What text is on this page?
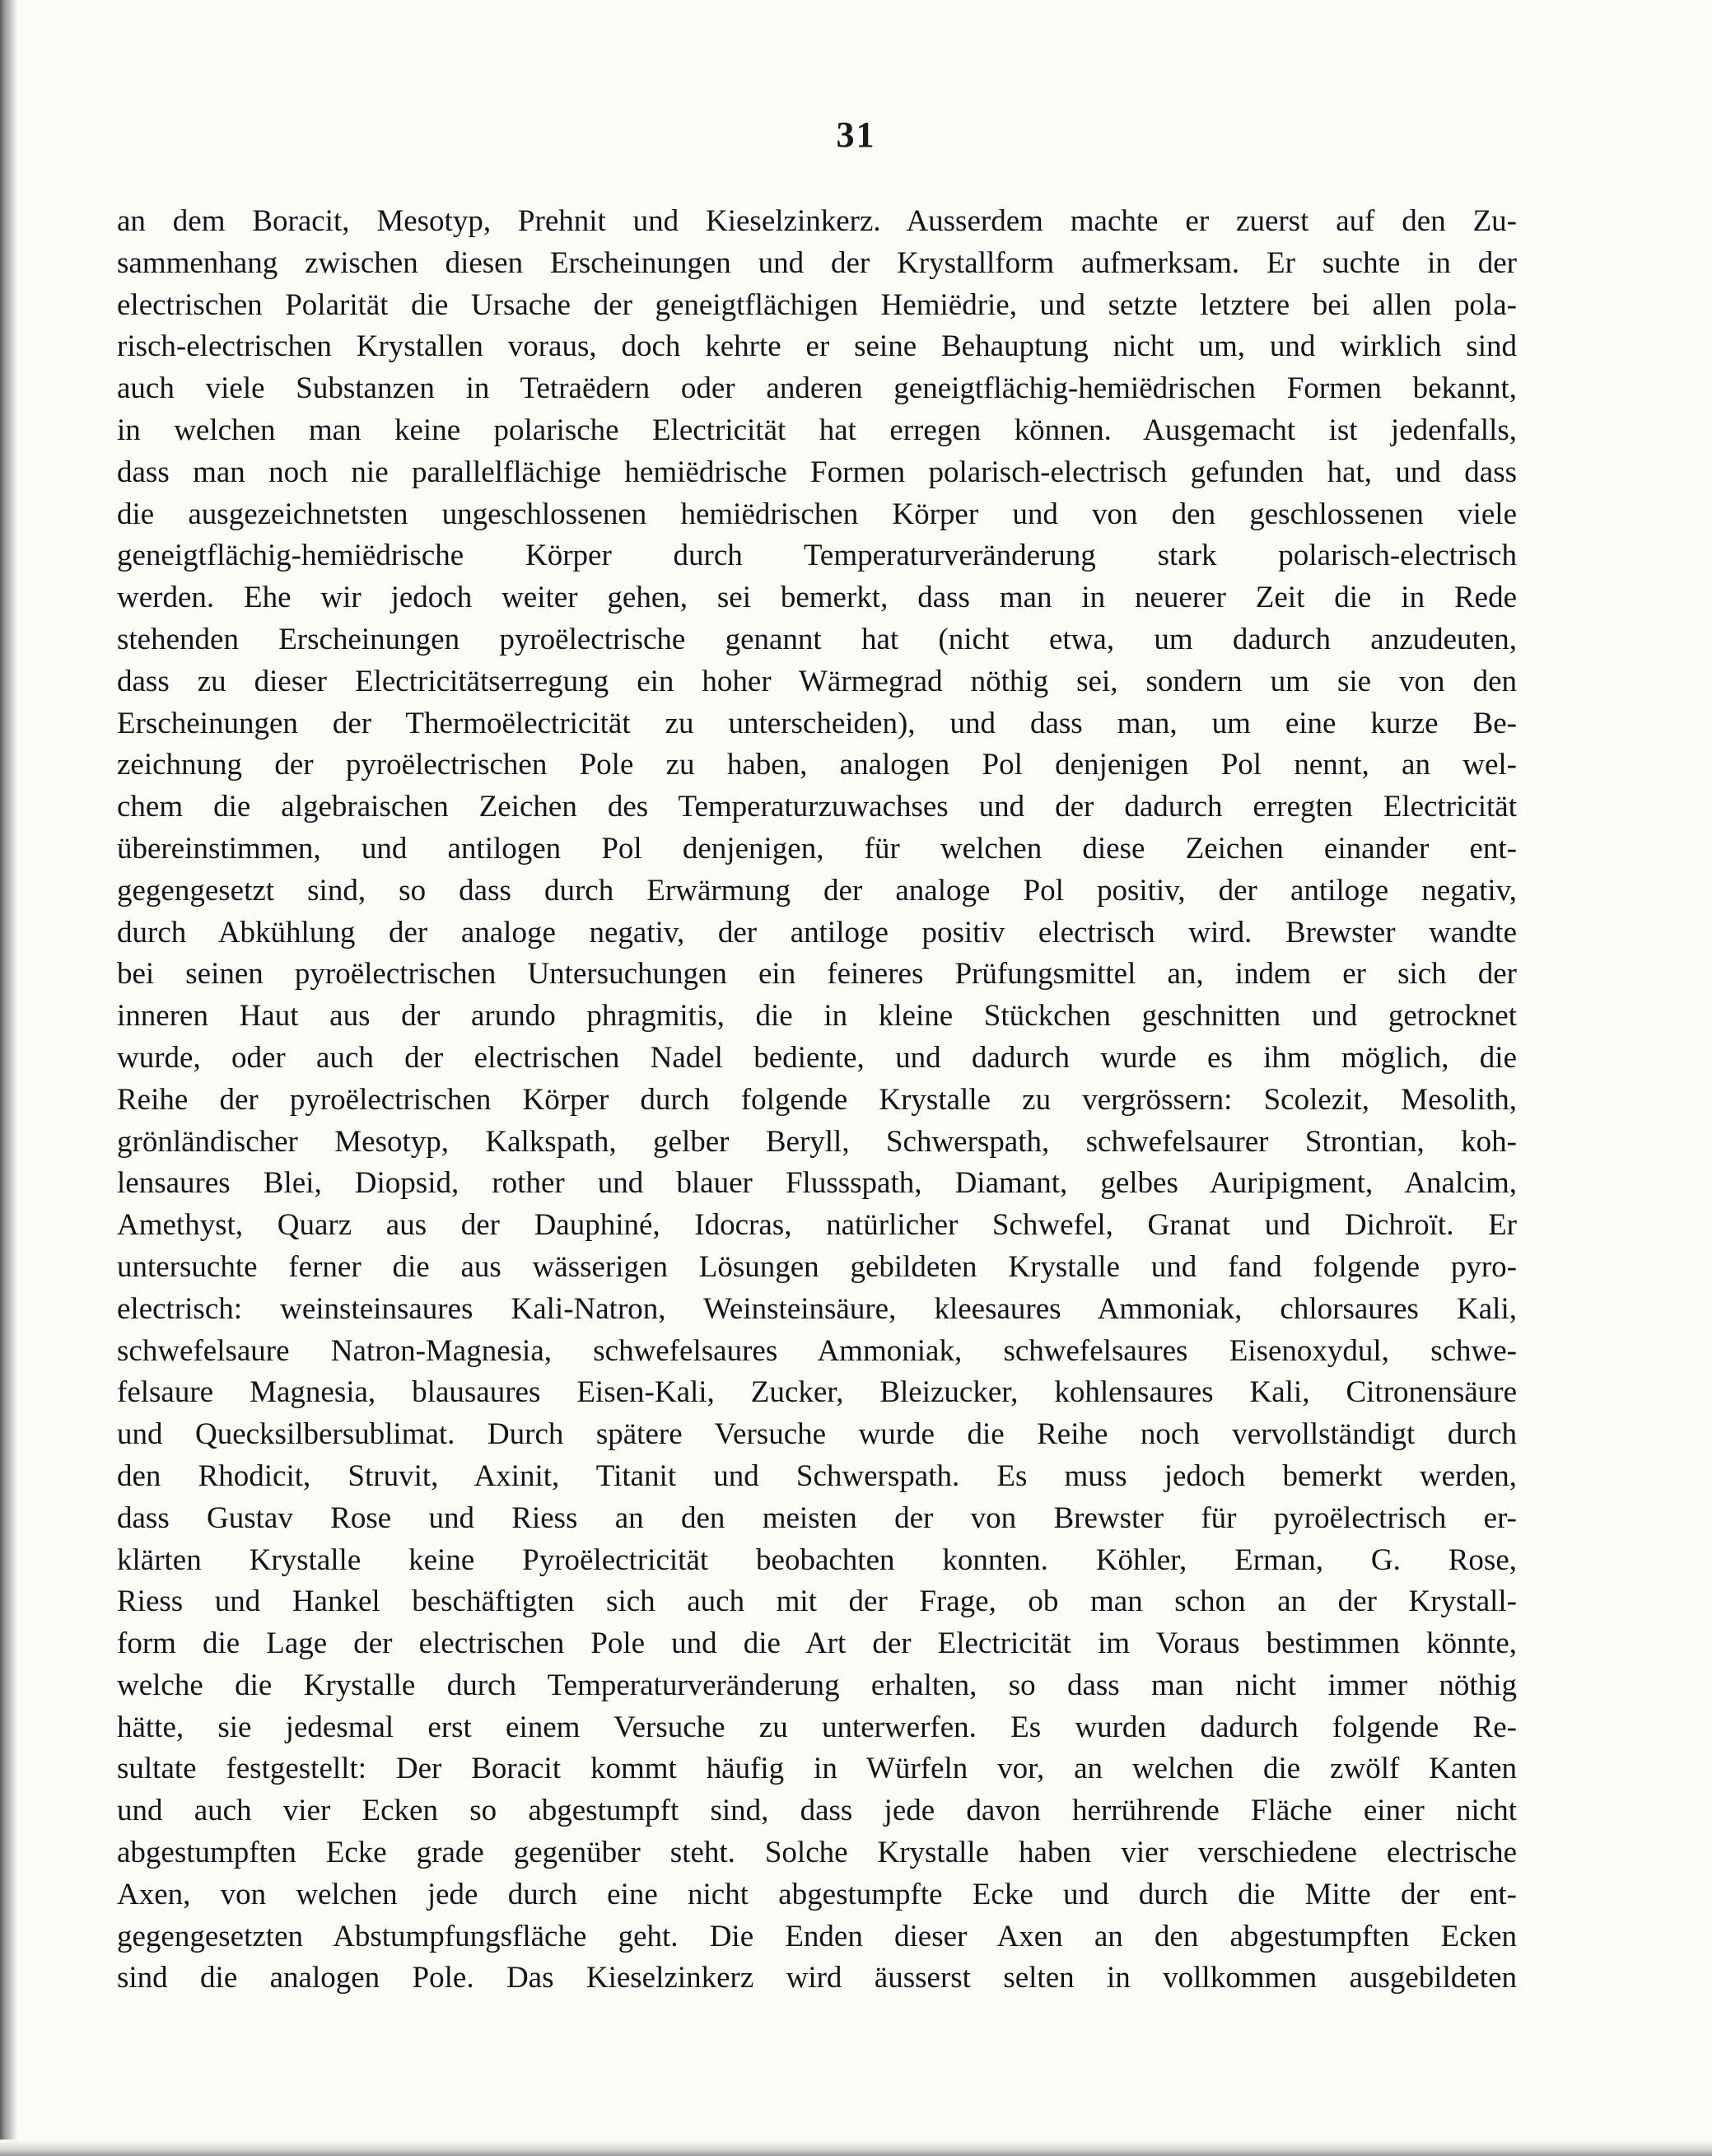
31
an dem Boracit, Mesotyp, Prehnit und Kieselzinkerz. Ausserdem machte er zuerst auf den Zu-
sammenhang zwischen diesen Erscheinungen und der Krystallform aufmerksam. Er suchte in der
electrischen Polarität die Ursache der geneigtflächigen Hemiëdrie, und setzte letztere bei allen pola-
risch-electrischen Krystallen voraus, doch kehrte er seine Behauptung nicht um, und wirklich sind
auch viele Substanzen in Tetraëdern oder anderen geneigtflächig-hemiëdrischen Formen bekannt,
in welchen man keine polarische Electricität hat erregen können. Ausgemacht ist jedenfalls,
dass man noch nie parallelflächige hemiëdrische Formen polarisch-electrisch gefunden hat, und dass
die ausgezeichnetsten ungeschlossenen hemiëdrischen Körper und von den geschlossenen viele
geneigtflächig-hemiëdrische Körper durch Temperaturveränderung stark polarisch-electrisch
werden. Ehe wir jedoch weiter gehen, sei bemerkt, dass man in neuerer Zeit die in Rede
stehenden Erscheinungen pyroëlectrische genannt hat (nicht etwa, um dadurch anzudeuten,
dass zu dieser Electricitätserregung ein hoher Wärmegrad nöthig sei, sondern um sie von den
Erscheinungen der Thermoëlectricität zu unterscheiden), und dass man, um eine kurze Be-
zeichnung der pyroëlectrischen Pole zu haben, analogen Pol denjenigen Pol nennt, an wel-
chem die algebraischen Zeichen des Temperaturzuwachses und der dadurch erregten Electricität
übereinstimmen, und antilogen Pol denjenigen, für welchen diese Zeichen einander ent-
gegengesetzt sind, so dass durch Erwärmung der analoge Pol positiv, der antiloge negativ,
durch Abkühlung der analoge negativ, der antiloge positiv electrisch wird. Brewster wandte
bei seinen pyroëlectrischen Untersuchungen ein feineres Prüfungsmittel an, indem er sich der
inneren Haut aus der arundo phragmitis, die in kleine Stückchen geschnitten und getrocknet
wurde, oder auch der electrischen Nadel bediente, und dadurch wurde es ihm möglich, die
Reihe der pyroëlectrischen Körper durch folgende Krystalle zu vergrössern: Scolezit, Mesolith,
grönländischer Mesotyp, Kalkspath, gelber Beryll, Schwerspath, schwefelsaurer Strontian, koh-
lensaures Blei, Diopsid, rother und blauer Flussspath, Diamant, gelbes Auripigment, Analcim,
Amethyst, Quarz aus der Dauphiné, Idocras, natürlicher Schwefel, Granat und Dichroït. Er
untersuchte ferner die aus wässerigen Lösungen gebildeten Krystalle und fand folgende pyro-
electrisch: weinsteinsaures Kali-Natron, Weinsteinsäure, kleesaures Ammoniak, chlorsaures Kali,
schwefelsaure Natron-Magnesia, schwefelsaures Ammoniak, schwefelsaures Eisenoxydul, schwe-
felsaure Magnesia, blausaures Eisen-Kali, Zucker, Bleizucker, kohlensaures Kali, Citronensäure
und Quecksilbersublimat. Durch spätere Versuche wurde die Reihe noch vervollständigt durch
den Rhodicit, Struvit, Axinit, Titanit und Schwerspath. Es muss jedoch bemerkt werden,
dass Gustav Rose und Riess an den meisten der von Brewster für pyroëlectrisch er-
klärten Krystalle keine Pyroëlectricität beobachten konnten. Köhler, Erman, G. Rose,
Riess und Hankel beschäftigten sich auch mit der Frage, ob man schon an der Krystall-
form die Lage der electrischen Pole und die Art der Electricität im Voraus bestimmen könnte,
welche die Krystalle durch Temperaturveränderung erhalten, so dass man nicht immer nöthig
hätte, sie jedesmal erst einem Versuche zu unterwerfen. Es wurden dadurch folgende Re-
sultate festgestellt: Der Boracit kommt häufig in Würfeln vor, an welchen die zwölf Kanten
und auch vier Ecken so abgestumpft sind, dass jede davon herrührende Fläche einer nicht
abgestumpften Ecke grade gegenüber steht. Solche Krystalle haben vier verschiedene electrische
Axen, von welchen jede durch eine nicht abgestumpfte Ecke und durch die Mitte der ent-
gegengesetzten Abstumpfungsfläche geht. Die Enden dieser Axen an den abgestumpften Ecken
sind die analogen Pole. Das Kieselzinkerz wird äusserst selten in vollkommen ausgebildeten
